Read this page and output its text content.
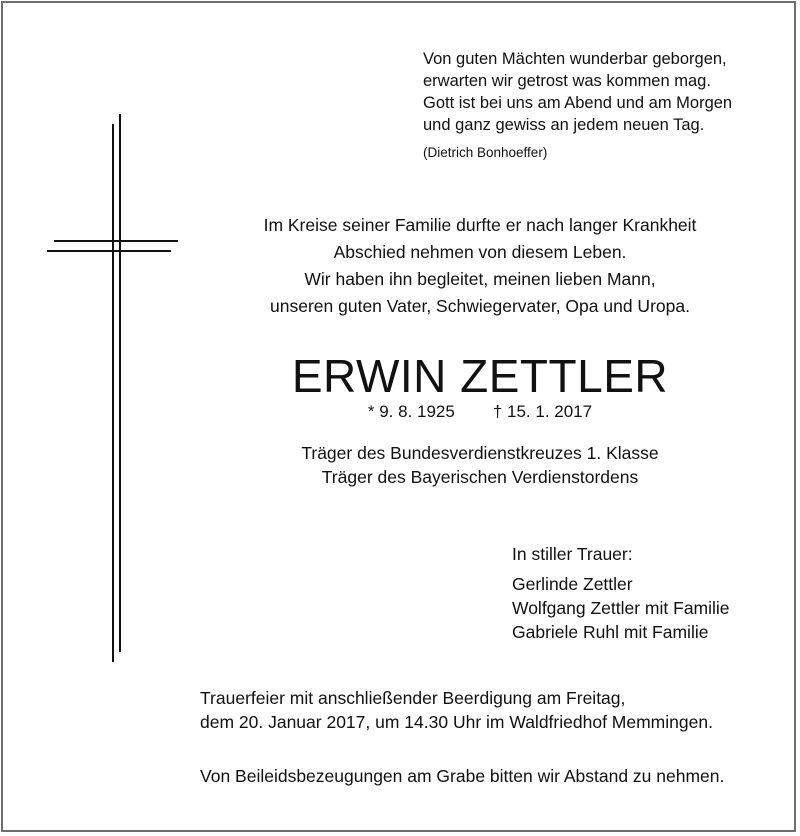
Von guten Mächten wunderbar geborgen,
erwarten wir getrost was kommen mag.
Gott ist bei uns am Abend und am Morgen
und ganz gewiss an jedem neuen Tag.
(Dietrich Bonhoeffer)
Im Kreise seiner Familie durfte er nach langer Krankheit
Abschied nehmen von diesem Leben.
Wir haben ihn begleitet, meinen lieben Mann,
unseren guten Vater, Schwiegervater, Opa und Uropa.
ERWIN ZETTLER
* 9. 8. 1925 † 15. 1. 2017
Träger des Bundesverdienstkreuzes 1. Klasse
Träger des Bayerischen Verdienstordens
In stiller Trauer:
Gerlinde Zettler
Wolfgang Zettler mit Familie
Gabriele Ruhl mit Familie
Trauerfeier mit anschließender Beerdigung am Freitag,
dem 20. Januar 2017, um 14.30 Uhr im Waldfriedhof Memmingen.
Von Beileidsbezeugungen am Grabe bitten wir Abstand zu nehmen.
